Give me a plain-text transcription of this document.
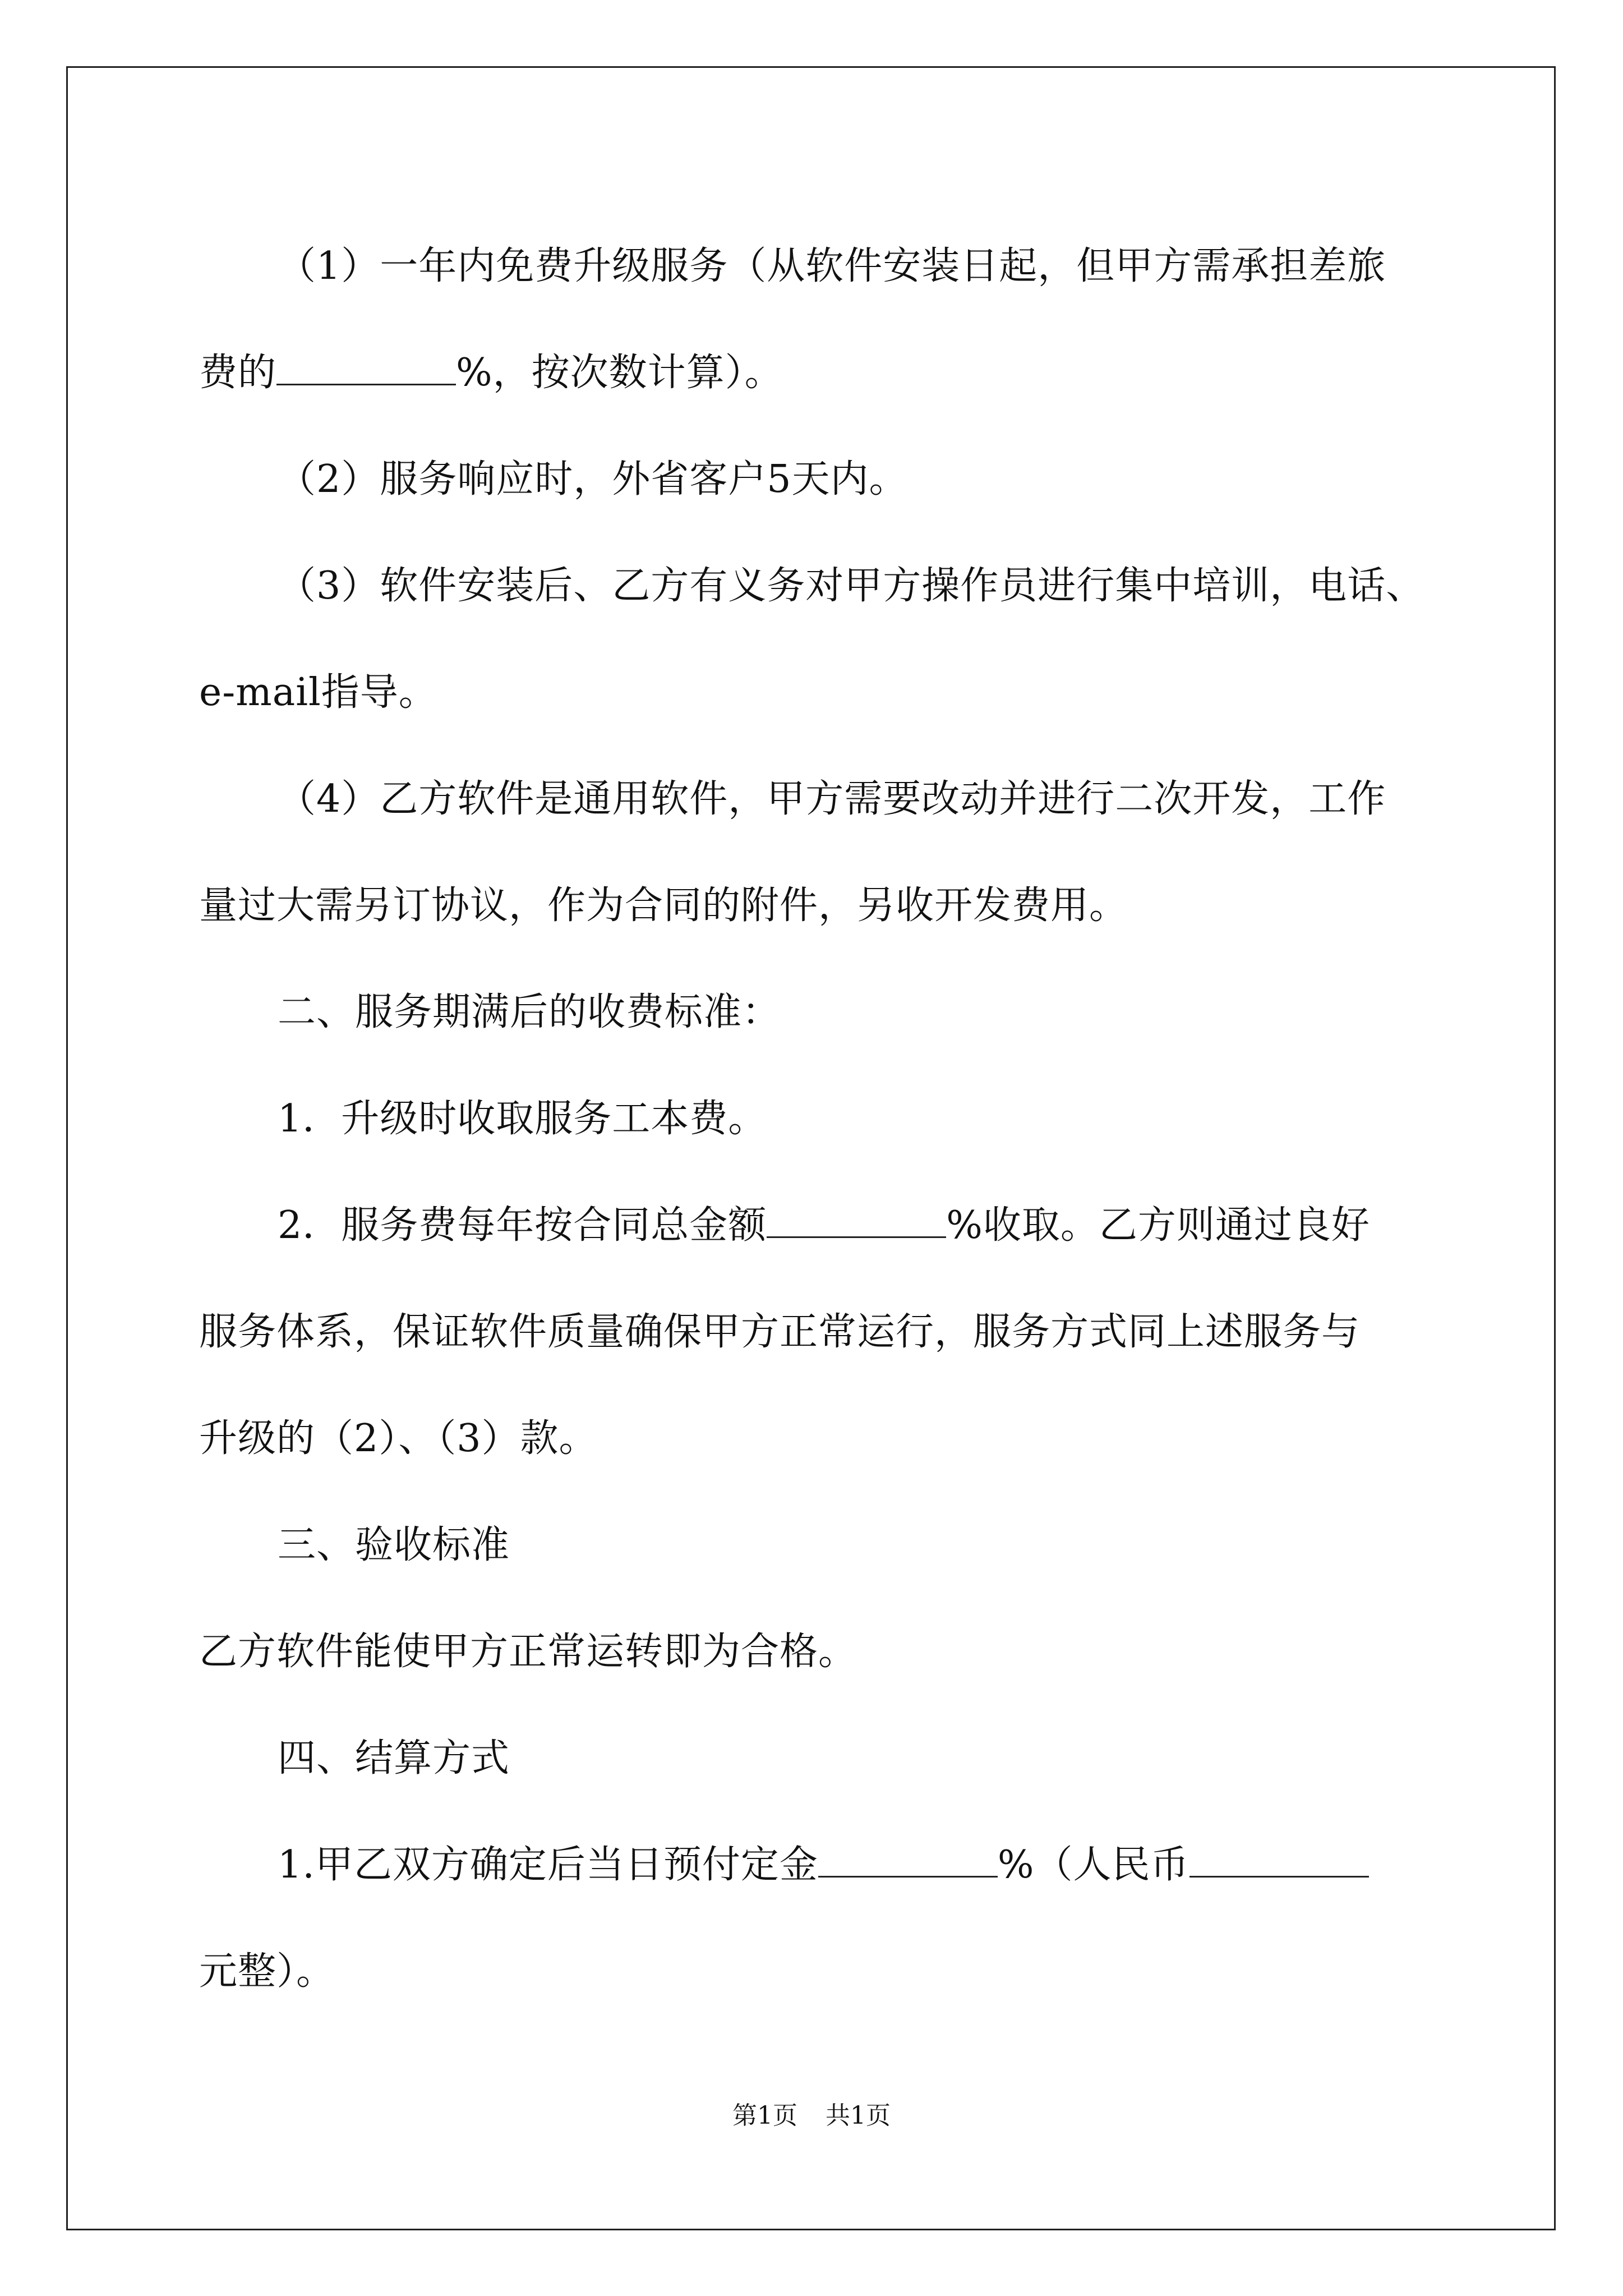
（1）一年内免费升级服务（从软件安装日起，但甲方需承担差旅

费的	%，按次数计算）。

（2）服务响应时，外省客户5天内。

（3）软件安装后、乙方有义务对甲方操作员进行集中培训，电话、

e-mail指导。

（4）乙方软件是通用软件，甲方需要改动并进行二次开发，工作

量过大需另订协议，作为合同的附件，另收开发费用。

二、服务期满后的收费标准：

1．升级时收取服务工本费。

2．服务费每年按合同总金额	%收取。乙方则通过良好

服务体系，保证软件质量确保甲方正常运行，服务方式同上述服务与

升级的（2）、（3）款。

三、验收标准

乙方软件能使甲方正常运转即为合格。

四、结算方式

1.甲乙双方确定后当日预付定金	%（人民币

元整）。

第1页 共1页
